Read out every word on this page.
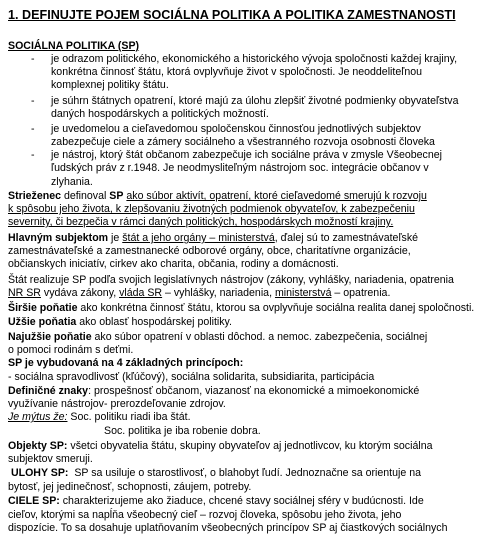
1. DEFINUJTE POJEM SOCIÁLNA POLITIKA A POLITIKA ZAMESTNANOSTI
SOCIÁLNA POLITIKA (SP)
- je odrazom politického, ekonomického a historického vývoja spoločnosti každej krajiny,
konkrétna činnosť štátu, ktorá ovplyvňuje život v spoločnosti. Je neoddeliteľnou
komplexnej politiky štátu.
- je súhrn štátnych opatrení, ktoré majú za úlohu zlepšiť životné podmienky obyvateľstva
daných hospodárskych a politických možností.
- je uvedomelou a cieľavedomou spoločenskou činnosťou jednotlivých subjektov
zabezpečuje ciele a zámery sociálneho a všestranného rozvoja osobnosti človeka
- je nástroj, ktorý štát občanom zabezpečuje ich sociálne práva v zmysle Všeobecnej
ľudských práv z r.1948. Je neodmysliteľným nástrojom soc. integrácie občanov v
zlyhania.
Strieženec definoval SP ako súbor aktivít, opatrení, ktoré cieľavedomé smerujú k rozvoju
k spôsobu jeho života, k zlepšovaniu životných podmienok obyvateľov, k zabezpečeniu
severnity, či bezpečia v rámci daných politických, hospodárskych možností krajiny.
Hlavným subjektom je štát a jeho orgány – ministerstvá, ďalej sú to zamestnávateľské
zamestnávateľské a zamestnanecké odborové orgány, obce, charitatívne organizácie,
občianskych iniciatív, cirkev ako charita, občania, rodiny a domácnosti.
Štát realizuje SP podľa svojich legislatívnych nástrojov (zákony, vyhlášky, nariadenia, opatrenia
NR SR vydáva zákony, vláda SR – vyhlášky, nariadenia, ministerstvá – opatrenia.
Širšie poňatie ako konkrétna činnosť štátu, ktorou sa ovplyvňuje sociálna realita danej spoločnosti.
Užšie poňatia ako oblasť hospodárskej politiky.
Najužšie poňatie ako súbor opatrení v oblasti dôchod. a nemoc. zabezpečenia, sociálnej
o pomoci rodinám s deťmi.
SP je vybudovaná na 4 základných princípoch:
- sociálna spravodlivosť (kľúčový), sociálna solidarita, subsidiarita, participácia
Definičné znaky: prospešnosť občanom, viazanosť na ekonomické a mimoekonomické
využívanie nástrojov- prerozdeľovanie zdrojov.
Je mýtus že: Soc. politiku riadi iba štát.
Soc. politika je iba robenie dobra.
Objekty SP: všetci obyvatelia štátu, skupiny obyvateľov aj jednotlivcov, ku ktorým sociálna
subjektov smeruji.
ULOHY SP:  SP sa usiluje o starostlivosť, o blahobyt ľudí. Jednoznačne sa orientuje na
bytosť, jej jedinečnosť, schopnosti, záujem, potreby.
CIELE SP: charakterizujeme ako žiaduce, chcené stavy sociálnej sféry v budúcnosti. Ide
cieľov, ktorými sa napĺňa všeobecný cieľ – rozvoj človeka, spôsobu jeho života, jeho
dispozície. To sa dosahuje uplatňovaním všeobecných princípov SP aj čiastkových sociálnych
